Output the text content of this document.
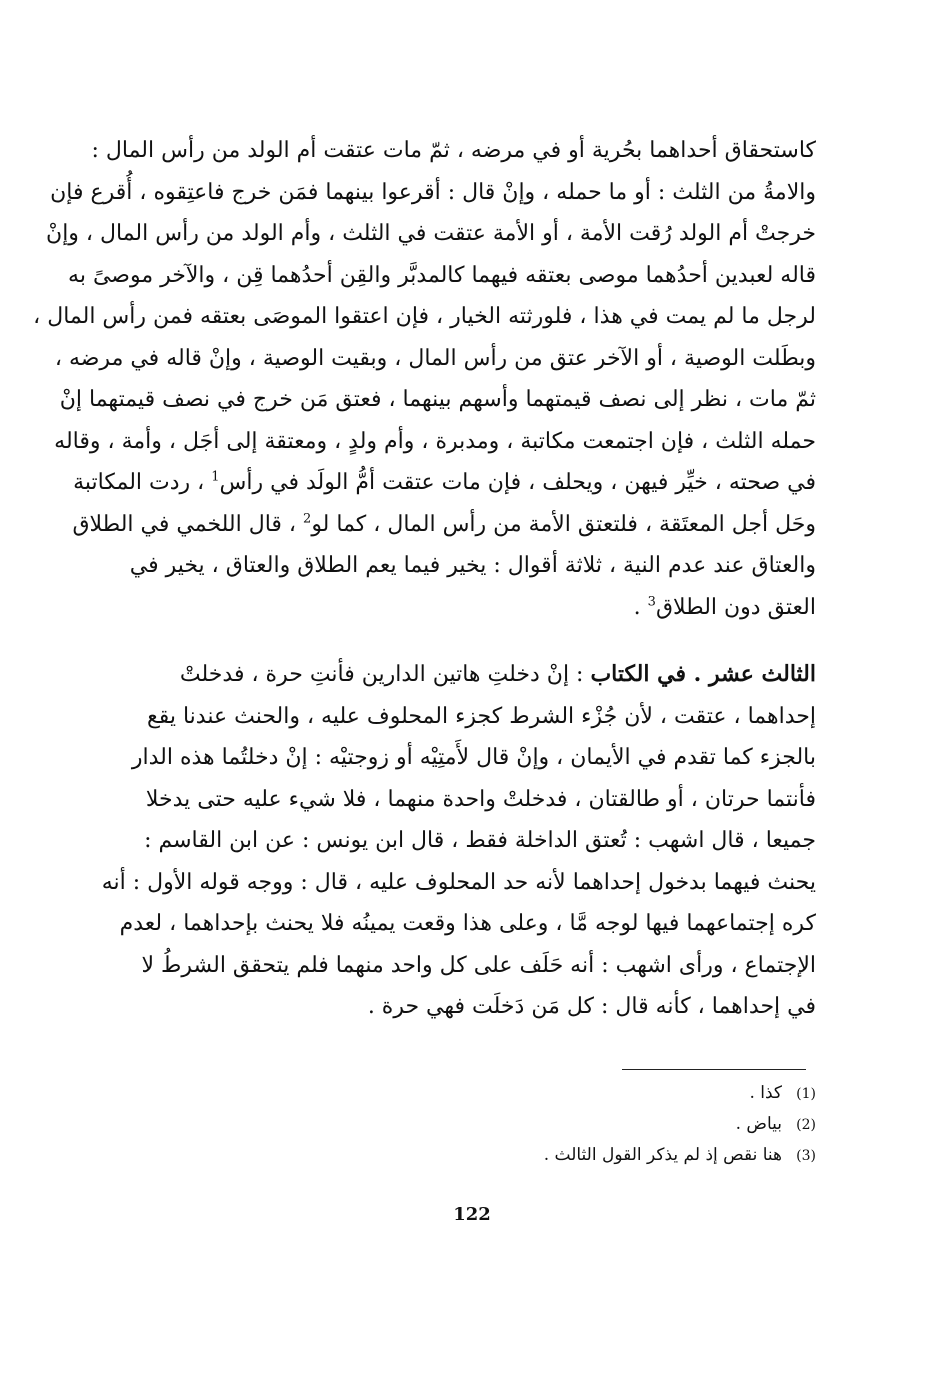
كاستحقاق أحداهما بحُرية أو في مرضه ، ثمّ مات عتقت أم الولد من رأس المال :
والامةُ من الثلث : أو ما حمله ، وإنْ قال : أقرعوا بينهما فمَن خرج فاعتِقوه ، أُقرع فإن
خرجتْ أم الولد رُقت الأمة ، أو الأمة عتقت في الثلث ، وأم الولد من رأس المال ، وإنْ
قاله لعبدين أحدُهما موصى بعتقه فيهما كالمدبَّر والقِن أحدُهما قِن ، والآخر موصىً به
لرجل ما لم يمت في هذا ، فلورثته الخيار ، فإن اعتقوا الموصَى بعتقه فمن رأس المال ،
وبطَلت الوصية ، أو الآخر عتق من رأس المال ، وبقيت الوصية ، وإنْ قاله في مرضه ،
ثمّ مات ، نظر إلى نصف قيمتهما وأسهم بينهما ، فعتق مَن خرج في نصف قيمتهما إنْ
حمله الثلث ، فإن اجتمعت مكاتبة ، ومدبرة ، وأم ولدٍ ، ومعتقة إلى أجَل ، وأمة ، وقاله
في صحته ، خيِّر فيهن ، ويحلف ، فإن مات عتقت أمُّ الولَد في رأس$^1$ ، ردت المكاتبة
وحَل أجل المعتَقة ، فلتعتق الأمة من رأس المال ، كما لو$^2$ ، قال اللخمي في الطلاق
والعتاق عند عدم النية ، ثلاثة أقوال : يخير فيما يعم الطلاق والعتاق ، يخير في
العتق دون الطلاق$^3$ .
الثالث عشر . في الكتاب : إنْ دخلتِ هاتين الدارين فأنتِ حرة ، فدخلتْ
إحداهما ، عتقت ، لأن جُزْء الشرط كجزء المحلوف عليه ، والحنث عندنا يقع
بالجزء كما تقدم في الأيمان ، وإنْ قال لأَمتِيْه أو زوجتيْه : إنْ دخلتُما هذه الدار
فأنتما حرتان ، أو طالقتان ، فدخلتْ واحدة منهما ، فلا شيء عليه حتى يدخلا
جميعا ، قال اشهب : تُعتق الداخلة فقط ، قال ابن يونس : عن ابن القاسم :
يحنث فيهما بدخول إحداهما لأنه حد المحلوف عليه ، قال : ووجه قوله الأول : أنه
كره إجتماعهما فيها لوجه مَّا ، وعلى هذا وقعت يمينُه فلا يحنث بإحداهما ، لعدم
الإجتماع ، ورأى اشهب : أنه حَلَف على كل واحد منهما فلم يتحقق الشرطُ لا
في إحداهما ، كأنه قال : كل مَن دَخلَت فهي حرة .
(1)كذا .
(2)بياض .
(3)هنا نقص إذ لم يذكر القول الثالث .
122
